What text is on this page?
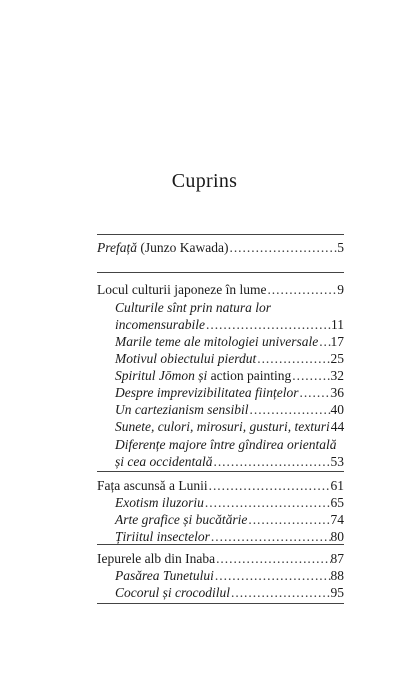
Cuprins
Prefață (Junzo Kawada) . . .	5
Locul culturii japoneze în lume . . .	9
Culturile sînt prin natura lor
incomensurabile . . .	11
Marile teme ale mitologiei universale . . . 17
Motivul obiectului pierdut . . .	25
Spiritul Jōmon și action painting . . .	32
Despre imprevizibilitatea ființelor . . . 36
Un cartezianism sensibil . . .	40
Sunete, culori, mirosuri, gusturi, texturi . . . 44
Diferențe majore între gîndirea orientală
și cea occidentală . . .	53
Fața ascunsă a Lunii . . .	61
Exotism iluzoriu . . .	65
Arte grafice și bucătărie . . .	74
Țiriitul insectelor . . .	80
Iepurele alb din Inaba . . .	87
Pasărea Tunetului . . .	88
Cocorul și crocodilul . . .	95
